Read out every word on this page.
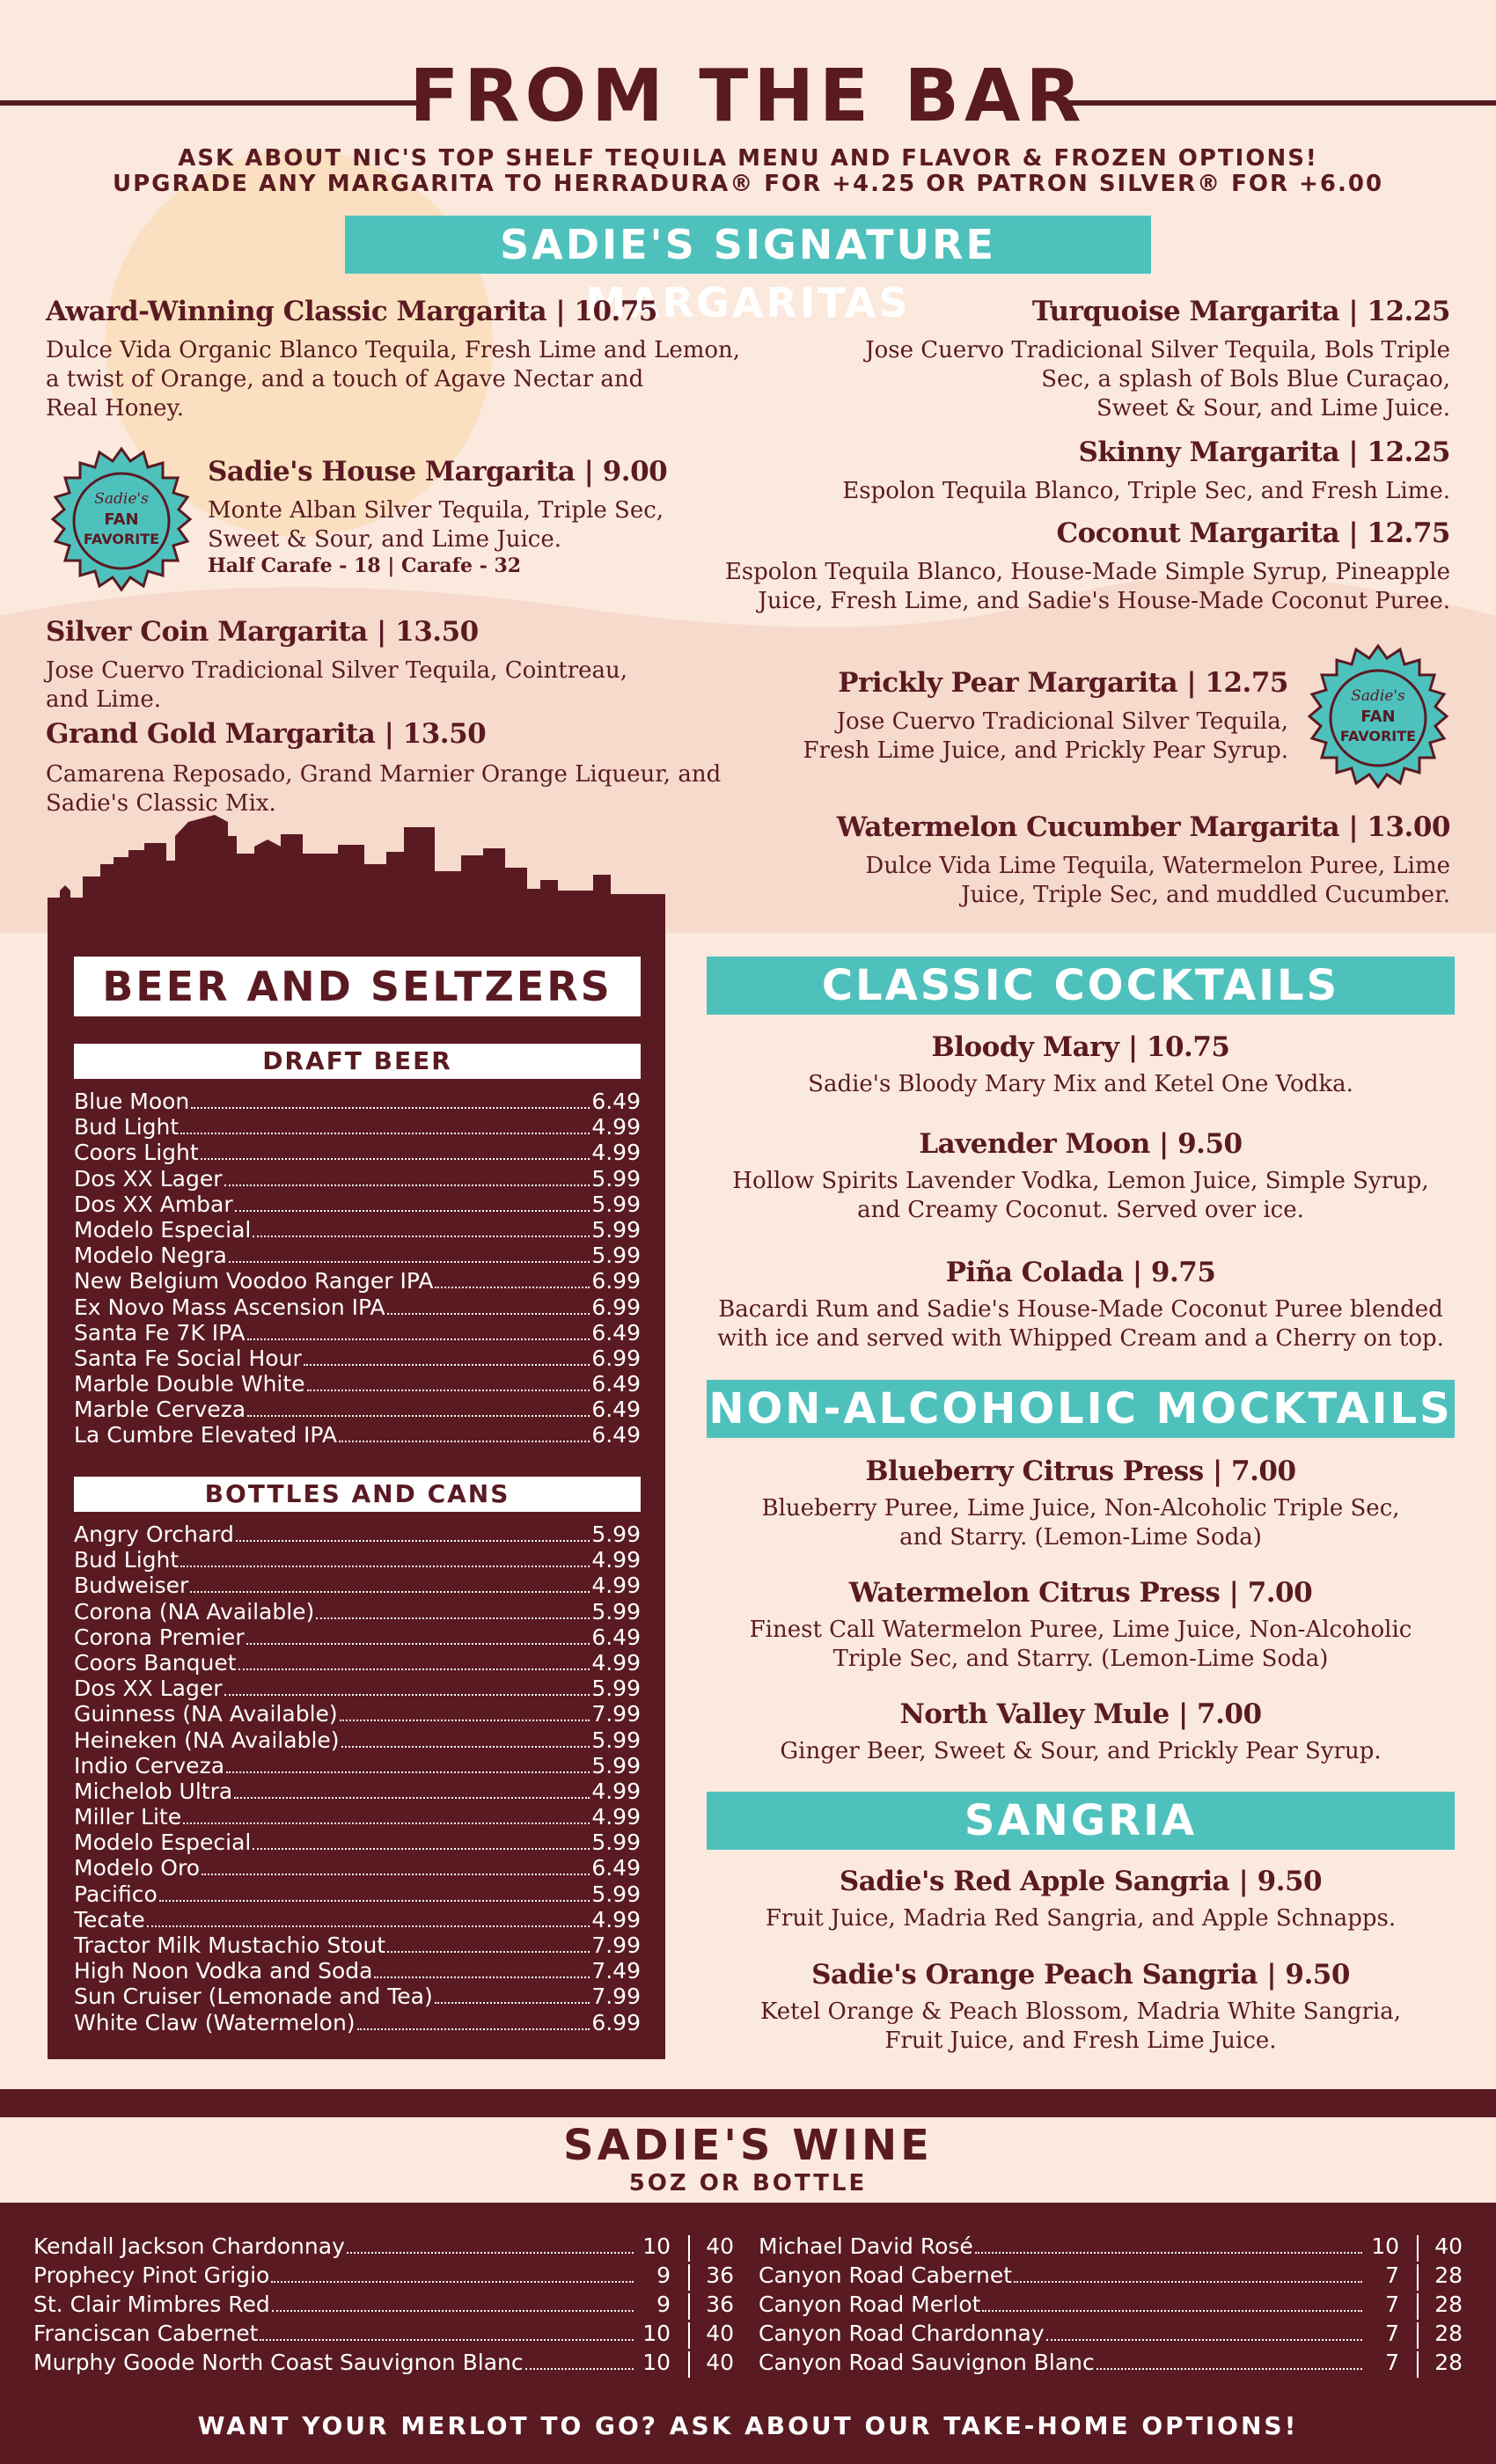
FROM THE BAR
ASK ABOUT NIC'S TOP SHELF TEQUILA MENU AND FLAVOR & FROZEN OPTIONS!
UPGRADE ANY MARGARITA TO HERRADURA® FOR +4.25 OR PATRON SILVER® FOR +6.00
SADIE'S SIGNATURE MARGARITAS
Award-Winning Classic Margarita | 10.75
Dulce Vida Organic Blanco Tequila, Fresh Lime and Lemon,
a twist of Orange, and a touch of Agave Nectar and
Real Honey.
Sadie's
FAN
FAVORITE
Sadie's House Margarita | 9.00
Monte Alban Silver Tequila, Triple Sec,
Sweet & Sour, and Lime Juice.
Half Carafe - 18 | Carafe - 32
Silver Coin Margarita | 13.50
Jose Cuervo Tradicional Silver Tequila, Cointreau,
and Lime.
Grand Gold Margarita | 13.50
Camarena Reposado, Grand Marnier Orange Liqueur, and
Sadie's Classic Mix.
Turquoise Margarita | 12.25
Jose Cuervo Tradicional Silver Tequila, Bols Triple
Sec, a splash of Bols Blue Curaçao,
Sweet & Sour, and Lime Juice.
Skinny Margarita | 12.25
Espolon Tequila Blanco, Triple Sec, and Fresh Lime.
Coconut Margarita | 12.75
Espolon Tequila Blanco, House-Made Simple Syrup, Pineapple
Juice, Fresh Lime, and Sadie's House-Made Coconut Puree.
Prickly Pear Margarita | 12.75
Jose Cuervo Tradicional Silver Tequila,
Fresh Lime Juice, and Prickly Pear Syrup.
Sadie's
FAN
FAVORITE
Watermelon Cucumber Margarita | 13.00
Dulce Vida Lime Tequila, Watermelon Puree, Lime
Juice, Triple Sec, and muddled Cucumber.
BEER AND SELTZERS
DRAFT BEER
Blue Moon	6.49
Bud Light	4.99
Coors Light	4.99
Dos XX Lager	5.99
Dos XX Ambar	5.99
Modelo Especial	5.99
Modelo Negra	5.99
New Belgium Voodoo Ranger IPA	6.99
Ex Novo Mass Ascension IPA	6.99
Santa Fe 7K IPA	6.49
Santa Fe Social Hour	6.99
Marble Double White	6.49
Marble Cerveza	6.49
La Cumbre Elevated IPA	6.49
BOTTLES AND CANS
Angry Orchard	5.99
Bud Light	4.99
Budweiser	4.99
Corona (NA Available)	5.99
Corona Premier	6.49
Coors Banquet	4.99
Dos XX Lager	5.99
Guinness (NA Available)	7.99
Heineken (NA Available)	5.99
Indio Cerveza	5.99
Michelob Ultra	4.99
Miller Lite	4.99
Modelo Especial	5.99
Modelo Oro	6.49
Pacifico	5.99
Tecate	4.99
Tractor Milk Mustachio Stout	7.99
High Noon Vodka and Soda	7.49
Sun Cruiser (Lemonade and Tea)	7.99
White Claw (Watermelon)	6.99
CLASSIC COCKTAILS
Bloody Mary | 10.75
Sadie's Bloody Mary Mix and Ketel One Vodka.
Lavender Moon | 9.50
Hollow Spirits Lavender Vodka, Lemon Juice, Simple Syrup,
and Creamy Coconut. Served over ice.
Piña Colada | 9.75
Bacardi Rum and Sadie's House-Made Coconut Puree blended
with ice and served with Whipped Cream and a Cherry on top.
NON-ALCOHOLIC MOCKTAILS
Blueberry Citrus Press | 7.00
Blueberry Puree, Lime Juice, Non-Alcoholic Triple Sec,
and Starry. (Lemon-Lime Soda)
Watermelon Citrus Press | 7.00
Finest Call Watermelon Puree, Lime Juice, Non-Alcoholic
Triple Sec, and Starry. (Lemon-Lime Soda)
North Valley Mule | 7.00
Ginger Beer, Sweet & Sour, and Prickly Pear Syrup.
SANGRIA
Sadie's Red Apple Sangria | 9.50
Fruit Juice, Madria Red Sangria, and Apple Schnapps.
Sadie's Orange Peach Sangria | 9.50
Ketel Orange & Peach Blossom, Madria White Sangria,
Fruit Juice, and Fresh Lime Juice.
SADIE'S WINE
5OZ OR BOTTLE
Kendall Jackson Chardonnay	10 40
Prophecy Pinot Grigio	9 36
St. Clair Mimbres Red	9 36
Franciscan Cabernet	10 40
Murphy Goode North Coast Sauvignon Blanc	10 40
Michael David Rosé	10 40
Canyon Road Cabernet	7 28
Canyon Road Merlot	7 28
Canyon Road Chardonnay	7 28
Canyon Road Sauvignon Blanc	7 28
WANT YOUR MERLOT TO GO? ASK ABOUT OUR TAKE-HOME OPTIONS!
